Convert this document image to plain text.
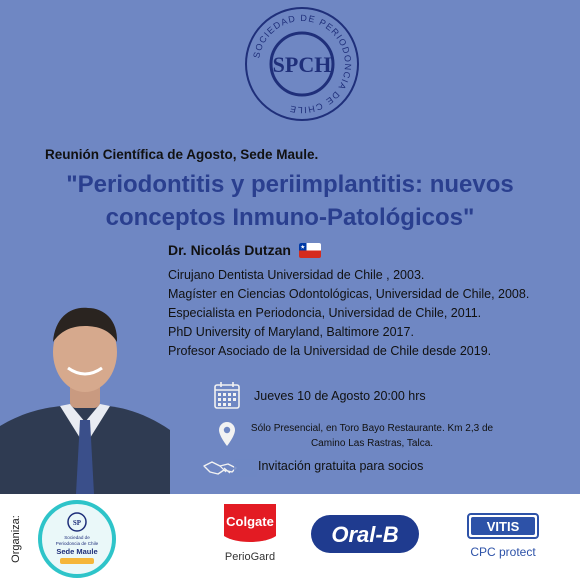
SOCIEDAD DE PERIODONCIA DE CHILE
SPCH
Reunión Científica de Agosto, Sede Maule.
"Periodontitis y periimplantitis: nuevos
conceptos Inmuno-Patológicos"
Dr. Nicolás Dutzan
Cirujano Dentista Universidad de Chile , 2003.
Magíster en Ciencias Odontológicas, Universidad de Chile, 2008.
Especialista en Periodoncia, Universidad de Chile, 2011.
PhD University of Maryland, Baltimore 2017.
Profesor Asociado de la Universidad de Chile desde 2019.
Jueves 10 de Agosto 20:00 hrs
Sólo Presencial, en Toro Bayo Restaurante. Km 2,3 de
Camino Las Rastras, Talca.
Invitación gratuita para socios
Organiza:	SP
Sociedad de
Periodoncia de Chile
Sede Maule
Colgate
PerioGard
Oral-B	VITIS
CPC protect
